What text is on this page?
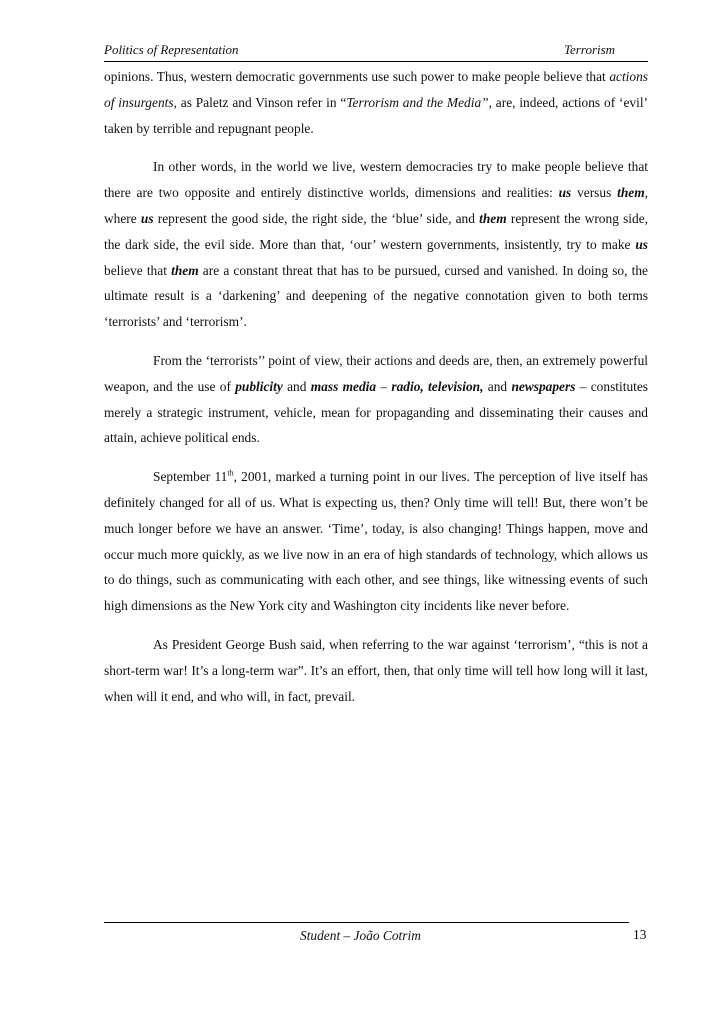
Politics of Representation	Terrorism

opinions. Thus, western democratic governments use such power to make people believe that actions of insurgents, as Paletz and Vinson refer in “Terrorism and the Media”, are, indeed, actions of ‘evil’ taken by terrible and repugnant people.

In other words, in the world we live, western democracies try to make people believe that there are two opposite and entirely distinctive worlds, dimensions and realities: us versus them, where us represent the good side, the right side, the ‘blue’ side, and them represent the wrong side, the dark side, the evil side. More than that, ‘our’ western governments, insistently, try to make us believe that them are a constant threat that has to be pursued, cursed and vanished. In doing so, the ultimate result is a ‘darkening’ and deepening of the negative connotation given to both terms ‘terrorists’ and ‘terrorism’.

From the ‘terrorists’’ point of view, their actions and deeds are, then, an extremely powerful weapon, and the use of publicity and mass media – radio, television, and newspapers – constitutes merely a strategic instrument, vehicle, mean for propaganding and disseminating their causes and attain, achieve political ends.

September 11th, 2001, marked a turning point in our lives. The perception of live itself has definitely changed for all of us. What is expecting us, then? Only time will tell! But, there won’t be much longer before we have an answer. ‘Time’, today, is also changing! Things happen, move and occur much more quickly, as we live now in an era of high standards of technology, which allows us to do things, such as communicating with each other, and see things, like witnessing events of such high dimensions as the New York city and Washington city incidents like never before.

As President George Bush said, when referring to the war against ‘terrorism’, “this is not a short-term war! It’s a long-term war”. It’s an effort, then, that only time will tell how long will it last, when will it end, and who will, in fact, prevail.

Student – João Cotrim	13
